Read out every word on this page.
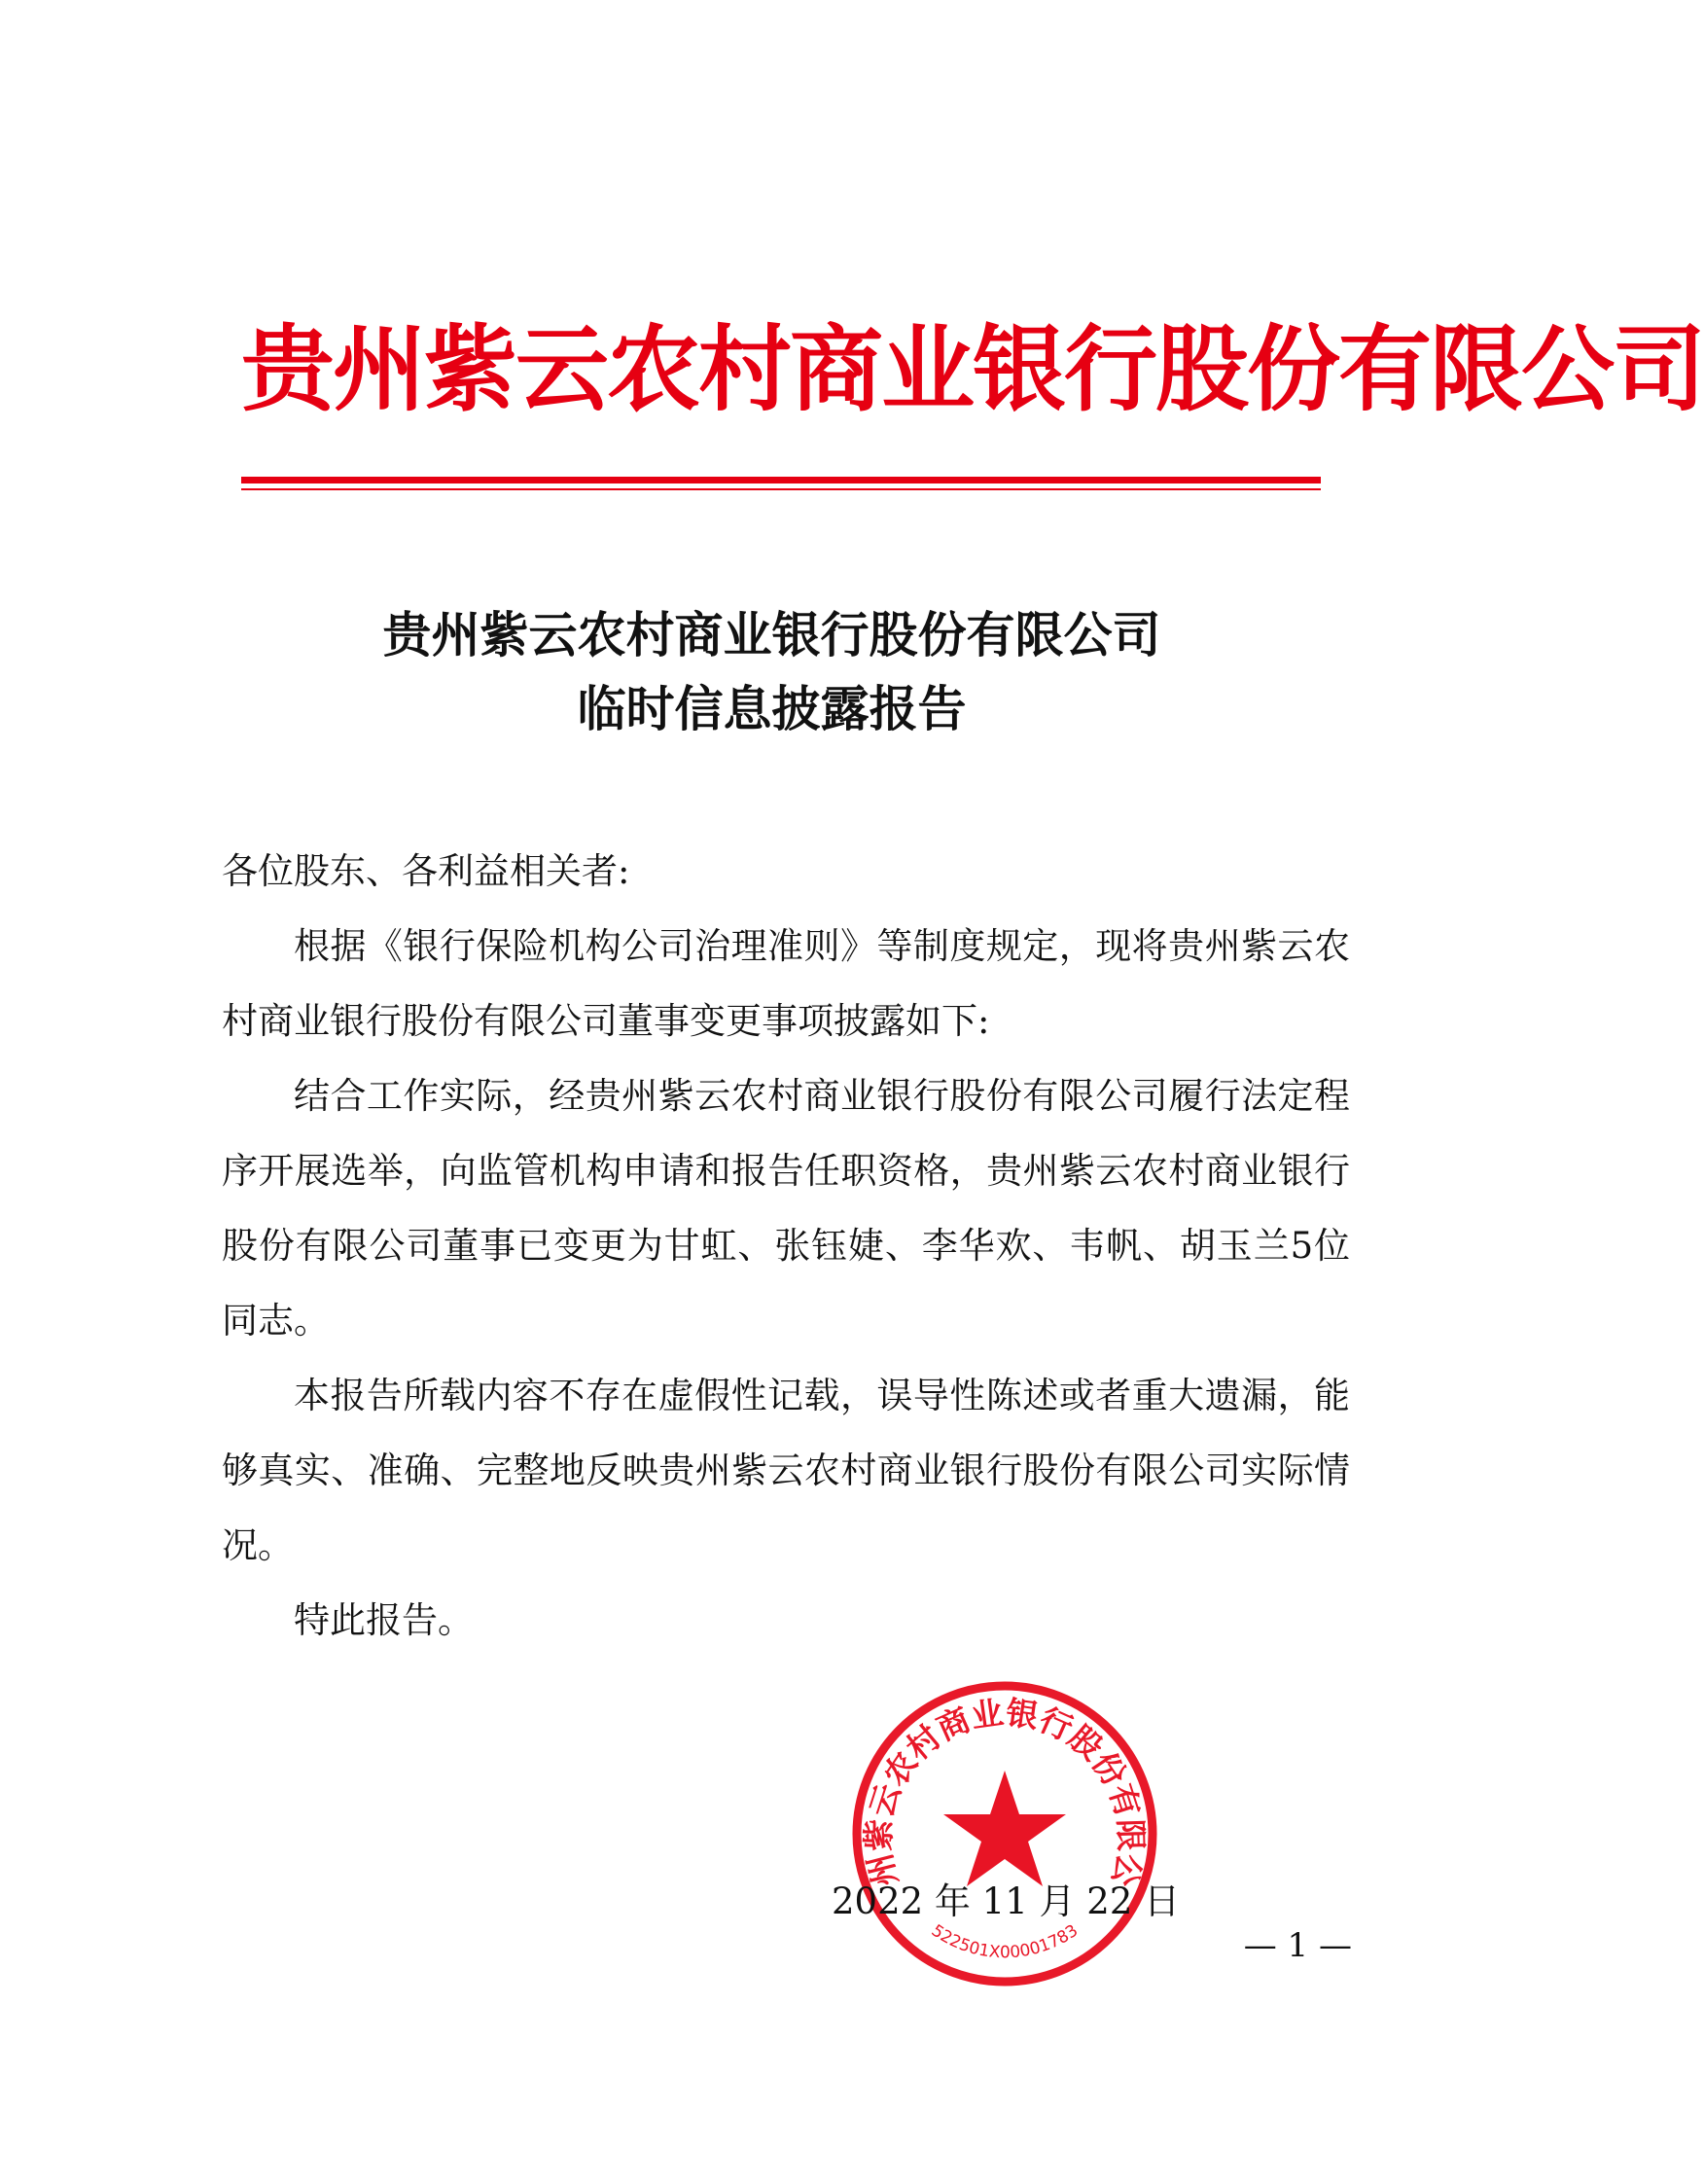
贵州紫云农村商业银行股份有限公司
贵州紫云农村商业银行股份有限公司
临时信息披露报告

各位股东、各利益相关者:

根据《银行保险机构公司治理准则》等制度规定，现将贵州紫云农村商业银行股份有限公司董事变更事项披露如下:

结合工作实际，经贵州紫云农村商业银行股份有限公司履行法定程序开展选举，向监管机构申请和报告任职资格，贵州紫云农村商业银行股份有限公司董事已变更为甘虹、张钰婕、李华欢、韦帆、胡玉兰5位同志。

本报告所载内容不存在虚假性记载，误导性陈述或者重大遗漏，能够真实、准确、完整地反映贵州紫云农村商业银行股份有限公司实际情况。

特此报告。

州紫云农村商业银行股份有限公
522501X00001783
2022 年 11 月 22 日
— 1 —
